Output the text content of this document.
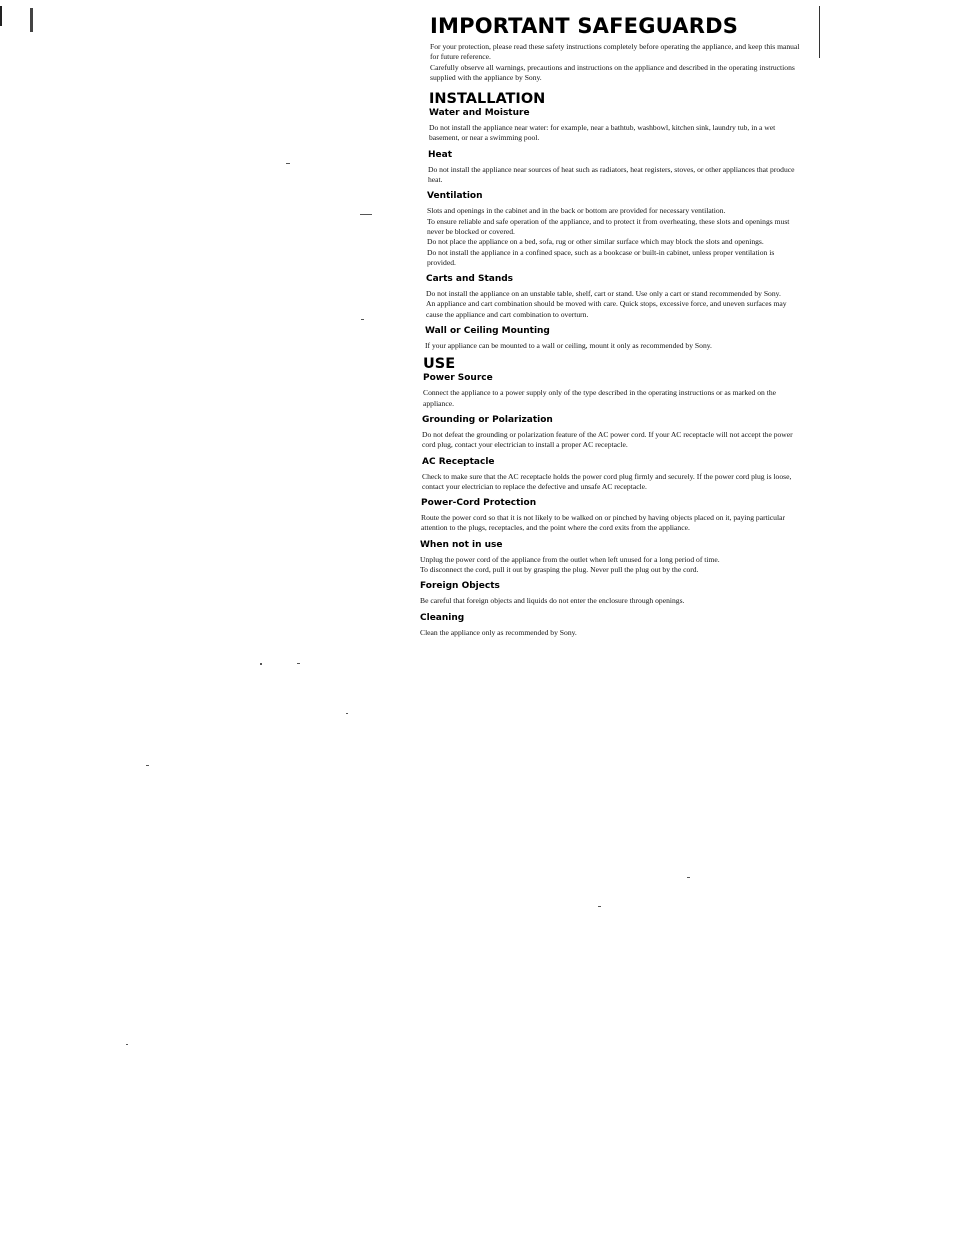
IMPORTANT SAFEGUARDS

For your protection, please read these safety instructions completely before operating the appliance, and keep this manual for future reference.

Carefully observe all warnings, precautions and instructions on the appliance and described in the operating instructions supplied with the appliance by Sony.

INSTALLATION
Water and Moisture

Do not install the appliance near water: for example, near a bathtub, washbowl, kitchen sink, laundry tub, in a wet basement, or near a swimming pool.

Heat

Do not install the appliance near sources of heat such as radiators, heat registers, stoves, or other appliances that produce heat.

Ventilation

Slots and openings in the cabinet and in the back or bottom are provided for necessary ventilation.

To ensure reliable and safe operation of the appliance, and to protect it from overheating, these slots and openings must never be blocked or covered.

Do not place the appliance on a bed, sofa, rug or other similar surface which may block the slots and openings.

Do not install the appliance in a confined space, such as a bookcase or built-in cabinet, unless proper ventilation is provided.

Carts and Stands

Do not install the appliance on an unstable table, shelf, cart or stand. Use only a cart or stand recommended by Sony.

An appliance and cart combination should be moved with care. Quick stops, excessive force, and uneven surfaces may cause the appliance and cart combination to overturn.

Wall or Ceiling Mounting

If your appliance can be mounted to a wall or ceiling, mount it only as recommended by Sony.

USE
Power Source

Connect the appliance to a power supply only of the type described in the operating instructions or as marked on the appliance.

Grounding or Polarization

Do not defeat the grounding or polarization feature of the AC power cord. If your AC receptacle will not accept the power cord plug, contact your electrician to install a proper AC receptacle.

AC Receptacle

Check to make sure that the AC receptacle holds the power cord plug firmly and securely. If the power cord plug is loose, contact your electrician to replace the defective and unsafe AC receptacle.

Power-Cord Protection

Route the power cord so that it is not likely to be walked on or pinched by having objects placed on it, paying particular attention to the plugs, receptacles, and the point where the cord exits from the appliance.

When not in use

Unplug the power cord of the appliance from the outlet when left unused for a long period of time.

To disconnect the cord, pull it out by grasping the plug. Never pull the plug out by the cord.

Foreign Objects

Be careful that foreign objects and liquids do not enter the enclosure through openings.

Cleaning

Clean the appliance only as recommended by Sony.
